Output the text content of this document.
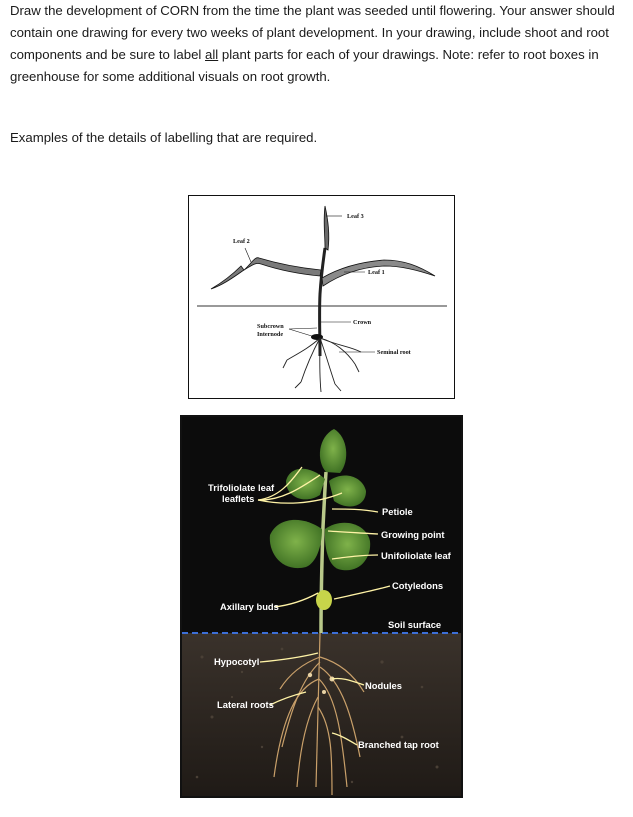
Draw the development of CORN from the time the plant was seeded until flowering. Your answer should contain one drawing for every two weeks of plant development. In your drawing, include shoot and root components and be sure to label all plant parts for each of your drawings. Note: refer to root boxes in greenhouse for some additional visuals on root growth.

Examples of the details of labelling that are required.

Leaf 3
Leaf 2
Leaf 1
Crown
Subcrown
Internode
Seminal root
Trifoliolate leaf
leaflets
Petiole
Growing point
Unifoliolate leaf
Cotyledons
Axillary buds
Soil surface
Hypocotyl
Nodules
Lateral roots
Branched tap root
